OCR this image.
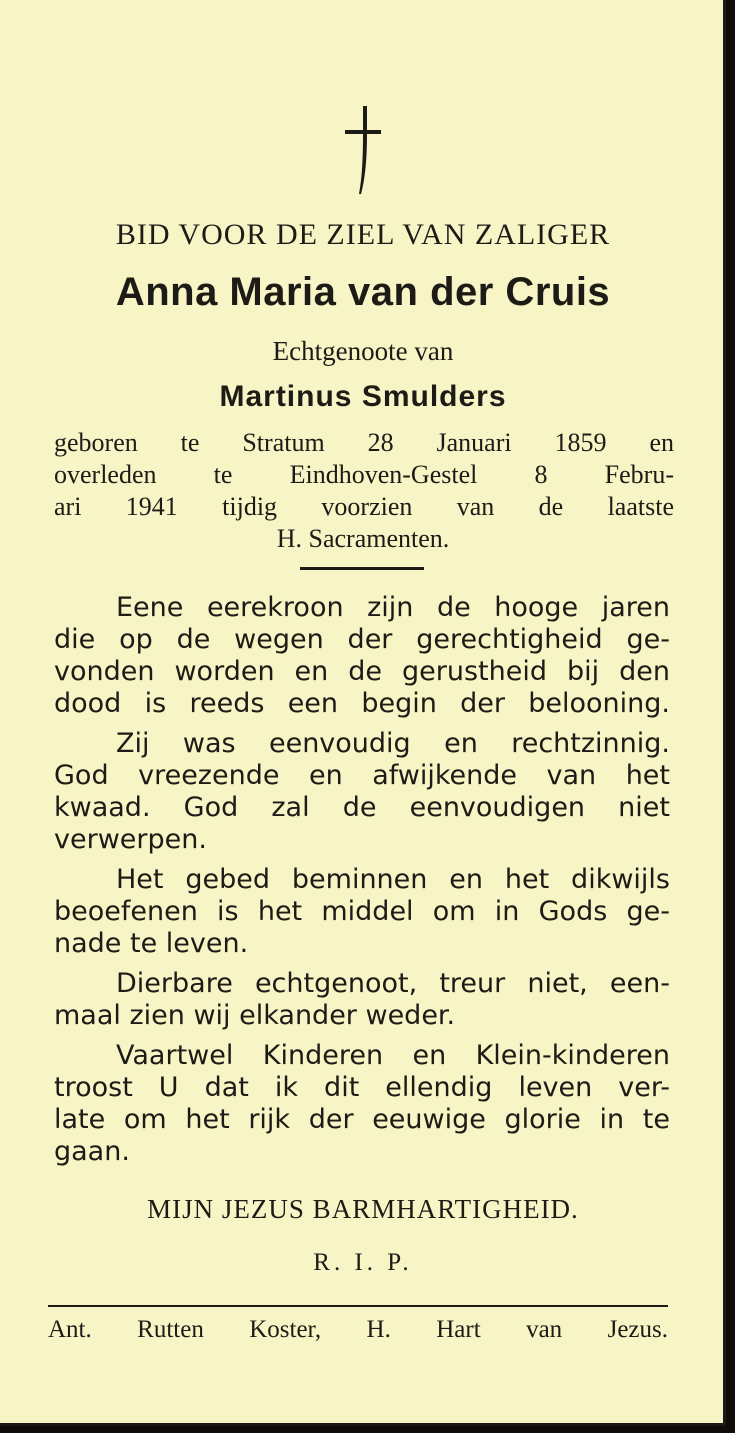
BID VOOR DE ZIEL VAN ZALIGER
Anna Maria van der Cruis
Echtgenoote van
Martinus Smulders
geboren te Stratum 28 Januari 1859 en
overleden te Eindhoven-Gestel 8 Febru-
ari 1941 tijdig voorzien van de laatste
H. Sacramenten.
Eene eerekroon zijn de hooge jaren
die op de wegen der gerechtigheid ge-
vonden worden en de gerustheid bij den
dood is reeds een begin der belooning.
Zij was eenvoudig en rechtzinnig.
God vreezende en afwijkende van het
kwaad. God zal de eenvoudigen niet
verwerpen.
Het gebed beminnen en het dikwijls
beoefenen is het middel om in Gods ge-
nade te leven.
Dierbare echtgenoot, treur niet, een-
maal zien wij elkander weder.
Vaartwel Kinderen en Klein-kinderen
troost U dat ik dit ellendig leven ver-
late om het rijk der eeuwige glorie in te
gaan.
MIJN JEZUS BARMHARTIGHEID.
R. I. P.
Ant. Rutten Koster, H. Hart van Jezus.
